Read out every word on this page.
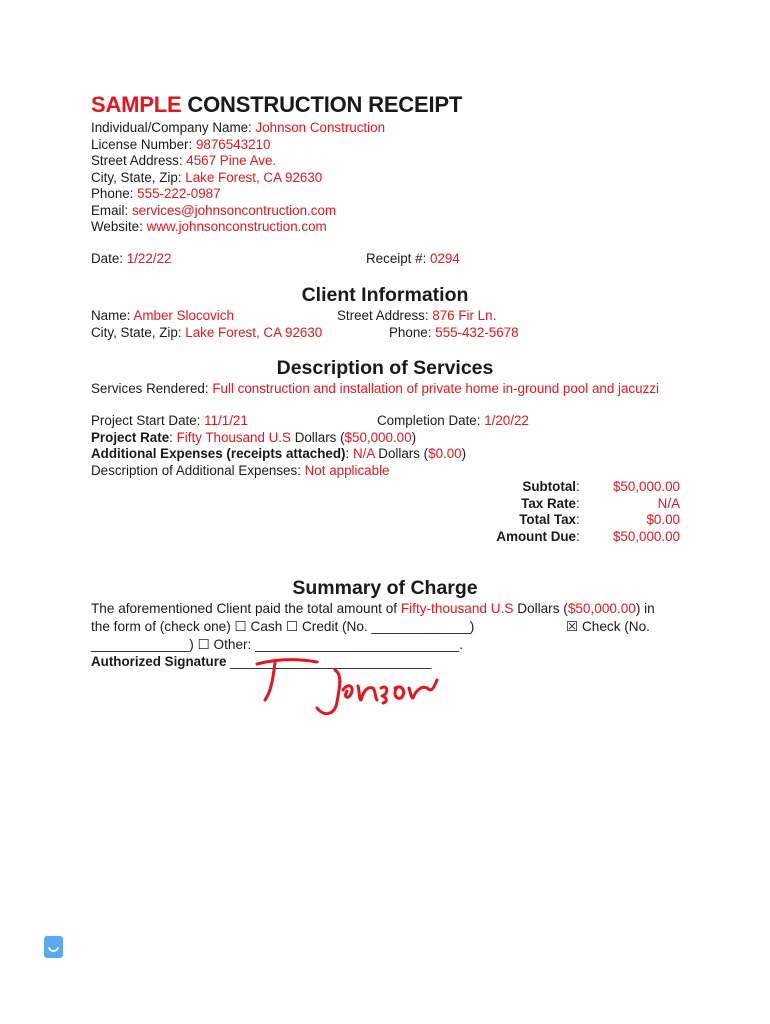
SAMPLE CONSTRUCTION RECEIPT
Individual/Company Name: Johnson Construction
License Number: 9876543210
Street Address: 4567 Pine Ave.
City, State, Zip: Lake Forest, CA 92630
Phone: 555-222-0987
Email: services@johnsoncontruction.com
Website: www.johnsonconstruction.com
Date: 1/22/22	Receipt #: 0294
Client Information
Name: Amber Slocovich	Street Address: 876 Fir Ln.
City, State, Zip: Lake Forest, CA 92630	Phone: 555-432-5678
Description of Services
Services Rendered: Full construction and installation of private home in-ground pool and jacuzzi
Project Start Date: 11/1/21	Completion Date: 1/20/22
Project Rate: Fifty Thousand U.S Dollars ($50,000.00)
Additional Expenses (receipts attached): N/A Dollars ($0.00)
Description of Additional Expenses: Not applicable
Subtotal :	$50,000.00
Tax Rate :	N/A
Total Tax :	$0.00
Amount Due :	$50,000.00
Summary of Charge
The aforementioned Client paid the total amount of Fifty-thousand U.S Dollars ($50,000.00) in
the form of (check one) ☐ Cash ☐ Credit (No. _____________)	☒ Check (No.
_____________) ☐ Other: ___________________________.
Authorized Signature ___________________________
